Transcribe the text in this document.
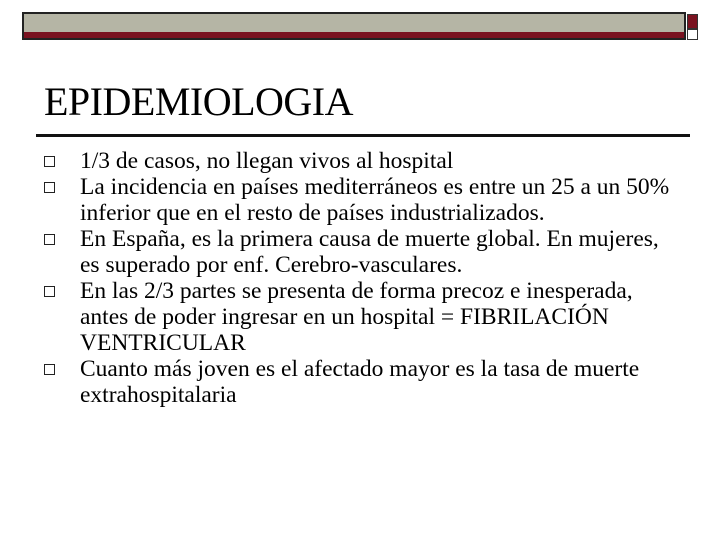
EPIDEMIOLOGIA
1/3 de casos, no llegan vivos al hospital
La incidencia en países mediterráneos es entre un 25 a un 50% inferior que en el resto de países industrializados.
En España, es la primera causa de muerte global. En mujeres, es superado por enf. Cerebro-vasculares.
En las 2/3 partes se presenta de forma precoz e inesperada, antes de poder ingresar en un hospital = FIBRILACIÓN VENTRICULAR
Cuanto más joven es el afectado mayor es la tasa de muerte extrahospitalaria
